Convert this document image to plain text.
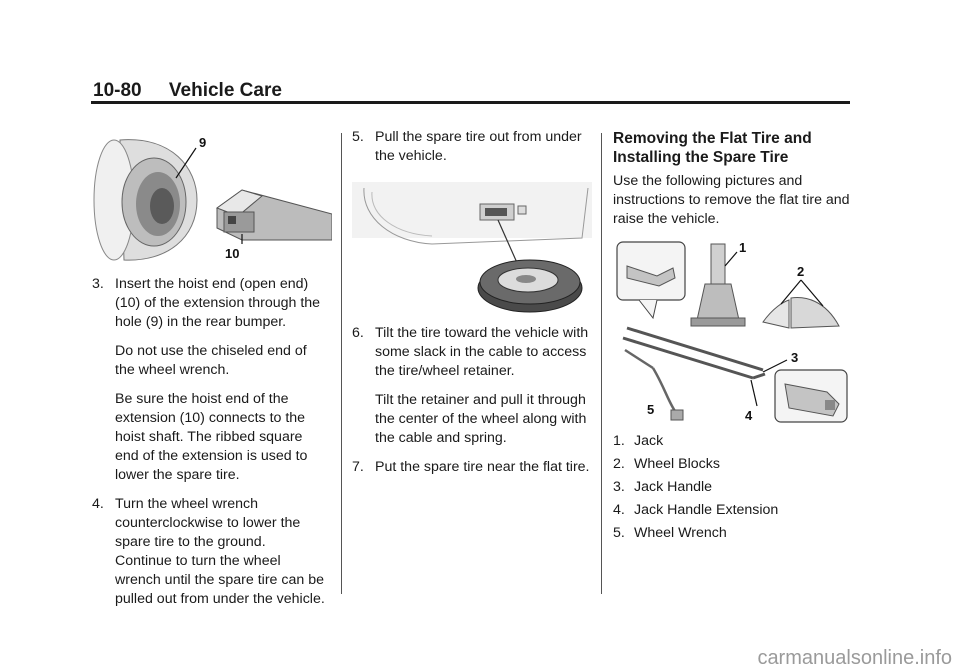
10-80 Vehicle Care
9
10
3. Insert the hoist end (open end) (10) of the extension through the hole (9) in the rear bumper.

Do not use the chiseled end of the wheel wrench.

Be sure the hoist end of the extension (10) connects to the hoist shaft. The ribbed square end of the extension is used to lower the spare tire.

4. Turn the wheel wrench counterclockwise to lower the spare tire to the ground. Continue to turn the wheel wrench until the spare tire can be pulled out from under the vehicle.
5. Pull the spare tire out from under the vehicle.
6. Tilt the tire toward the vehicle with some slack in the cable to access the tire/wheel retainer.

Tilt the retainer and pull it through the center of the wheel along with the cable and spring.

7. Put the spare tire near the flat tire.
Removing the Flat Tire and Installing the Spare Tire
Use the following pictures and instructions to remove the flat tire and raise the vehicle.
1
2
3
4
5
1. Jack
2. Wheel Blocks
3. Jack Handle
4. Jack Handle Extension
5. Wheel Wrench
carmanualsonline.info
